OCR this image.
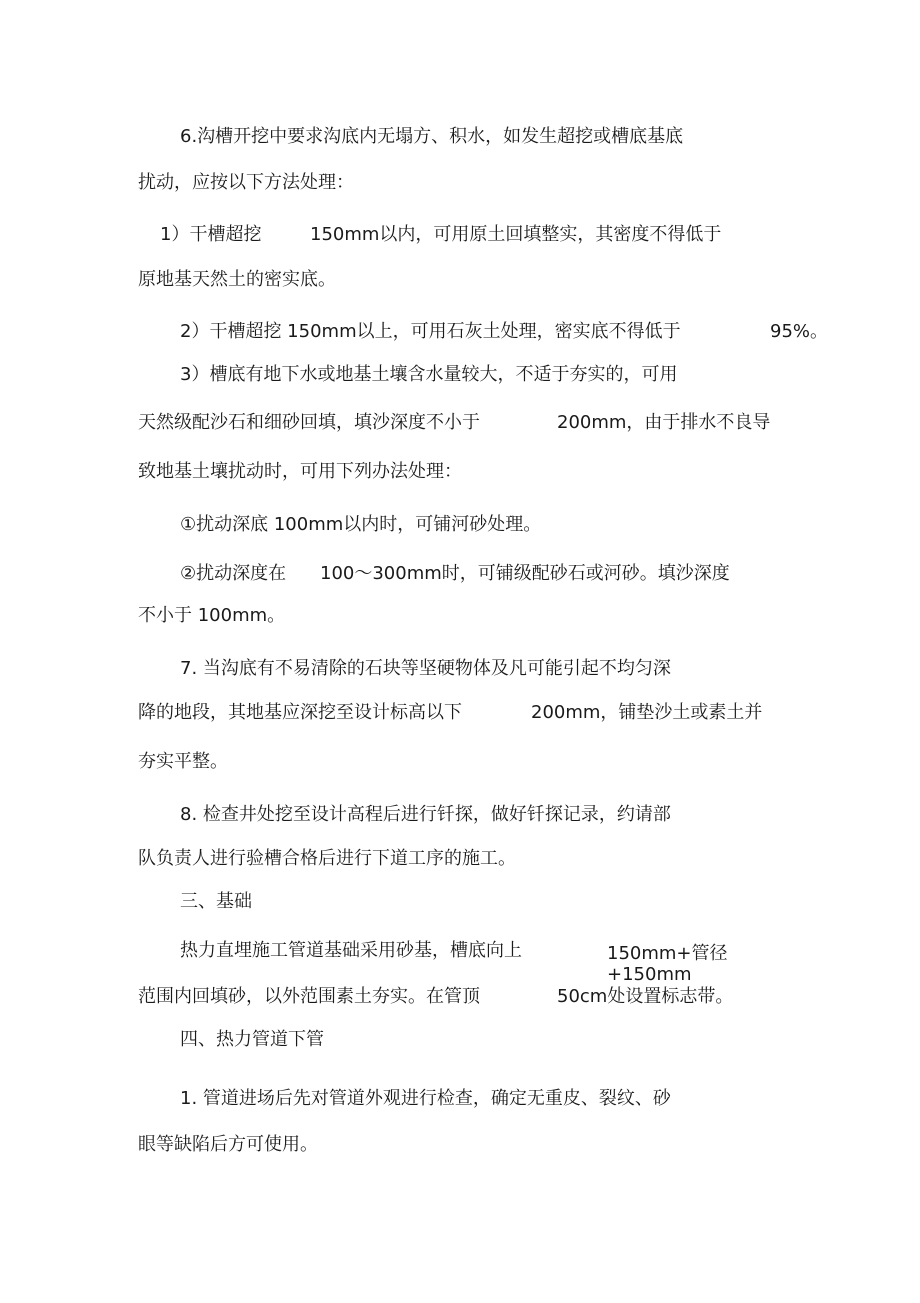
6.沟槽开挖中要求沟底内无塌方、积水，如发生超挖或槽底基底
扰动，应按以下方法处理：
1）干槽超挖	150mm以内，可用原土回填整实，其密度不得低于
原地基天然土的密实底。
2）干槽超挖 150mm以上，可用石灰土处理，密实底不得低于	95%。
3）槽底有地下水或地基土壤含水量较大，不适于夯实的，可用
天然级配沙石和细砂回填，填沙深度不小于	200mm，由于排水不良导
致地基土壤扰动时，可用下列办法处理：
①扰动深底 100mm以内时，可铺河砂处理。
②扰动深度在 100～300mm时，可铺级配砂石或河砂。填沙深度
不小于 100mm。
7. 当沟底有不易清除的石块等坚硬物体及凡可能引起不均匀深
降的地段，其地基应深挖至设计标高以下	200mm，铺垫沙土或素土并
夯实平整。
8. 检查井处挖至设计高程后进行钎探，做好钎探记录，约请部
队负责人进行验槽合格后进行下道工序的施工。
三、基础
热力直埋施工管道基础采用砂基，槽底向上	150mm+管径
+150mm
范围内回填砂，以外范围素土夯实。在管顶	50cm处设置标志带。
四、热力管道下管
1. 管道进场后先对管道外观进行检查，确定无重皮、裂纹、砂
眼等缺陷后方可使用。
